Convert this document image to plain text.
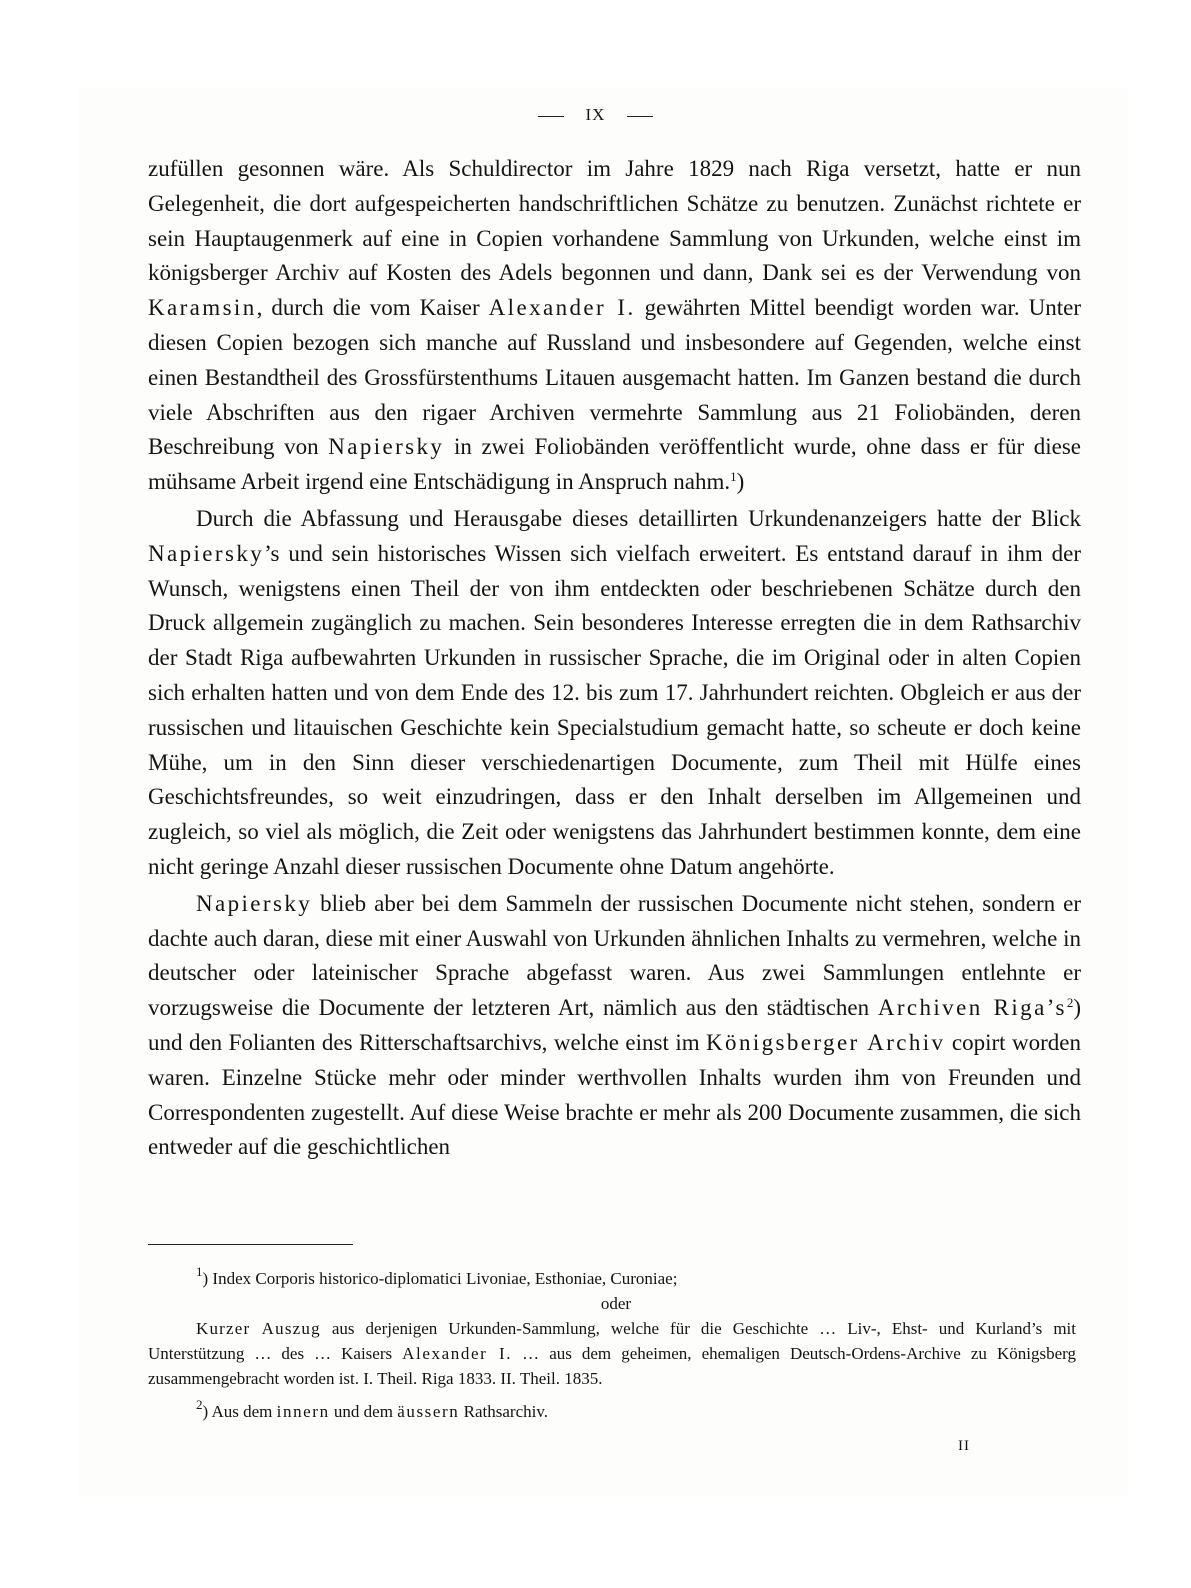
IX

zufüllen gesonnen wäre. Als Schuldirector im Jahre 1829 nach Riga versetzt, hatte er nun Gelegenheit, die dort aufgespeicherten handschriftlichen Schätze zu benutzen. Zunächst richtete er sein Hauptaugenmerk auf eine in Copien vorhandene Sammlung von Urkunden, welche einst im königsberger Archiv auf Kosten des Adels begonnen und dann, Dank sei es der Verwendung von Karamsin, durch die vom Kaiser Alexander I. gewährten Mittel beendigt worden war. Unter diesen Copien bezogen sich manche auf Russland und insbesondere auf Gegenden, welche einst einen Bestandtheil des Grossfürstenthums Litauen ausgemacht hatten. Im Ganzen bestand die durch viele Abschriften aus den rigaer Archiven vermehrte Sammlung aus 21 Foliobänden, deren Beschreibung von Napiersky in zwei Foliobänden veröffentlicht wurde, ohne dass er für diese mühsame Arbeit irgend eine Entschädigung in Anspruch nahm.$^1$)

Durch die Abfassung und Herausgabe dieses detaillirten Urkundenanzeigers hatte der Blick Napiersky’s und sein historisches Wissen sich vielfach erweitert. Es entstand darauf in ihm der Wunsch, wenigstens einen Theil der von ihm entdeckten oder beschriebenen Schätze durch den Druck allgemein zugänglich zu machen. Sein besonderes Interesse erregten die in dem Rathsarchiv der Stadt Riga aufbewahrten Urkunden in russischer Sprache, die im Original oder in alten Copien sich erhalten hatten und von dem Ende des 12. bis zum 17. Jahrhundert reichten. Obgleich er aus der russischen und litauischen Geschichte kein Specialstudium gemacht hatte, so scheute er doch keine Mühe, um in den Sinn dieser verschiedenartigen Documente, zum Theil mit Hülfe eines Geschichtsfreundes, so weit einzudringen, dass er den Inhalt derselben im Allgemeinen und zugleich, so viel als möglich, die Zeit oder wenigstens das Jahrhundert bestimmen konnte, dem eine nicht geringe Anzahl dieser russischen Documente ohne Datum angehörte.

Napiersky blieb aber bei dem Sammeln der russischen Documente nicht stehen, sondern er dachte auch daran, diese mit einer Auswahl von Urkunden ähnlichen Inhalts zu vermehren, welche in deutscher oder lateinischer Sprache abgefasst waren. Aus zwei Sammlungen entlehnte er vorzugsweise die Documente der letzteren Art, nämlich aus den städtischen Archiven $Riga’s^2$) und den Folianten des Ritterschaftsarchivs, welche einst im Königsberger Archiv copirt worden waren. Einzelne Stücke mehr oder minder werthvollen Inhalts wurden ihm von Freunden und Correspondenten zugestellt. Auf diese Weise brachte er mehr als 200 Documente zusammen, die sich entweder auf die geschichtlichen

$^1$) Index Corporis historico-diplomatici Livoniae, Esthoniae, Curoniae;
oder
Kurzer Auszug aus derjenigen Urkunden-Sammlung, welche für die Geschichte … Liv-, Ehst- und Kurland’s mit Unterstützung … des … Kaisers Alexander I. … aus dem geheimen, ehemaligen Deutsch-Ordens-Archive zu Königsberg zusammengebracht worden ist. I. Theil. Riga 1833. II. Theil. 1835.
$^2$) Aus dem innern und dem äussern Rathsarchiv.
II
